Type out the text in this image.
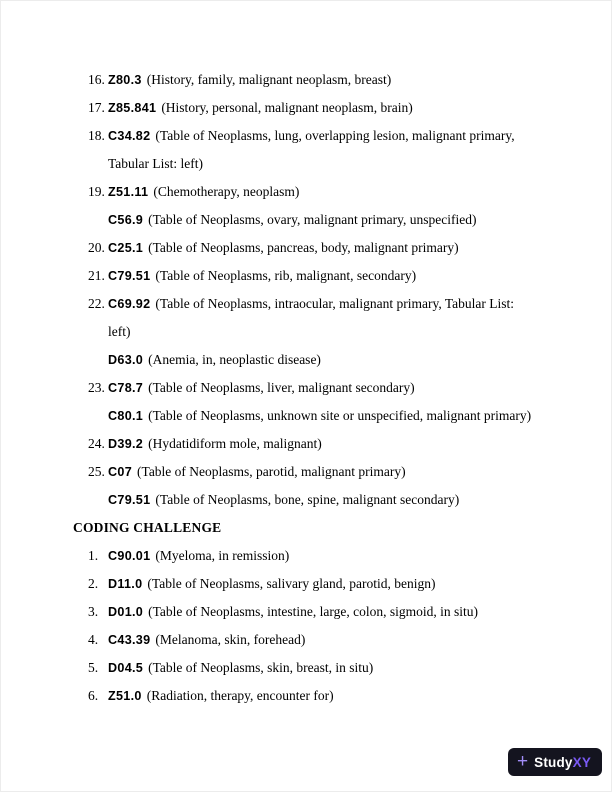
16. Z80.3 (History, family, malignant neoplasm, breast)
17. Z85.841 (History, personal, malignant neoplasm, brain)
18. C34.82 (Table of Neoplasms, lung, overlapping lesion, malignant primary, Tabular List: left)
19. Z51.11 (Chemotherapy, neoplasm)
C56.9 (Table of Neoplasms, ovary, malignant primary, unspecified)
20. C25.1 (Table of Neoplasms, pancreas, body, malignant primary)
21. C79.51 (Table of Neoplasms, rib, malignant, secondary)
22. C69.92 (Table of Neoplasms, intraocular, malignant primary, Tabular List:  left)
D63.0 (Anemia, in, neoplastic disease)
23. C78.7 (Table of Neoplasms, liver, malignant secondary)
C80.1 (Table of Neoplasms, unknown site or unspecified, malignant primary)
24. D39.2 (Hydatidiform mole, malignant)
25. C07 (Table of Neoplasms, parotid, malignant primary)
C79.51 (Table of Neoplasms, bone, spine, malignant secondary)
CODING CHALLENGE
1. C90.01 (Myeloma, in remission)
2. D11.0 (Table of Neoplasms, salivary gland, parotid, benign)
3. D01.0 (Table of Neoplasms, intestine, large, colon, sigmoid, in situ)
4. C43.39 (Melanoma, skin, forehead)
5. D04.5 (Table of Neoplasms, skin, breast, in situ)
6. Z51.0 (Radiation, therapy, encounter for)
+ StudyXY
